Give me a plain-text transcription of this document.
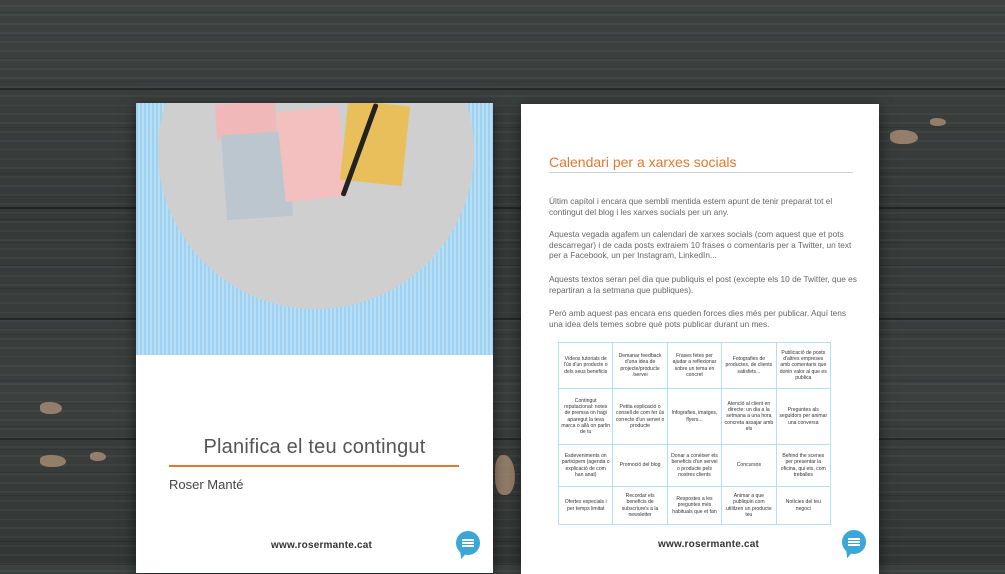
Planifica el teu contingut
Roser Manté
www.rosermante.cat
Calendari per a xarxes socials
Últim capítol i encara que sembli mentida estem apunt de tenir preparat tot el contingut del blog i les xarxes socials per un any.
Aquesta vegada agafem un calendari de xarxes socials (com aquest que et pots descarregar) i de cada posts extraiem 10 frases o comentaris per a Twitter, un text per a Facebook, un per Instagram, LinkedIn...
Aquests textos seran pel dia que publiquis el post (excepte els 10 de Twitter, que es repartiran a la setmana que publiques).
Però amb aquest pas encara ens queden forces dies més per publicar. Aquí tens una idea dels temes sobre què pots publicar durant un mes.
Vídeos tutorials de l'ús d'un producte o dels seus beneficis	Demanar feedback d'una idea de projecte/producte /servei	Frases fetes per ajudar a reflexionar sobre un tema en concret	Fotografies de productes, de clients satisfets...	Publicació de posts d'altres empreses amb comentaris que donin valor al que es publica
Contingut reputacional: notes de premsa on hagi aparegut la teva marca o allà on parlin de tu	Petita explicació o consell de com fer ús correcte d'un servei o producte	Infografies, imatges, flyers...	Atenció al client en directe: un dia a la setmana a una hora concreta assajar amb els	Preguntes als seguidors per animar una conversa
Esdeveniments on participem (agenda o explicació de com han anat)	Promoció del blog	Donar a conèixer els beneficis d'un servei o producte pels nostres clients	Concursos	Behind the scenes per presentar la oficina, qui ets, com treballes
Ofertes especials i per temps limitat	Recordar els beneficis de subscriure's a la newsletter	Respostes a les preguntes més habituals que et fan	Animar a que publiquin com utilitzen un producte teu	Notícies del teu negoci
www.rosermante.cat
